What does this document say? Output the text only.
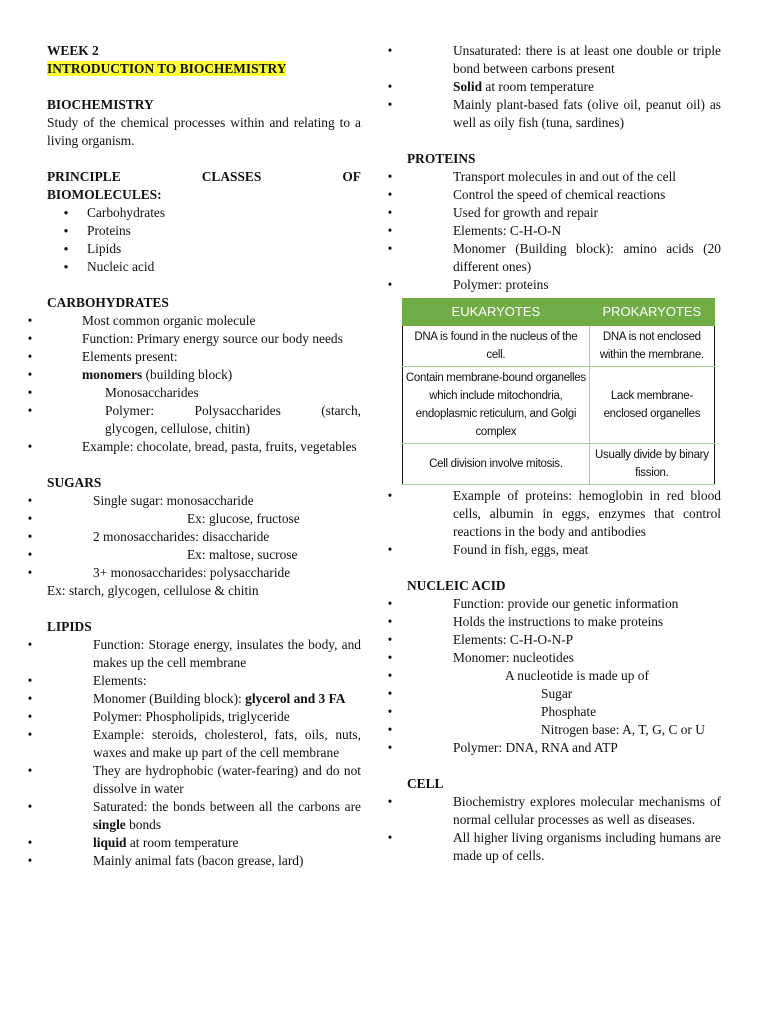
WEEK 2
INTRODUCTION TO BIOCHEMISTRY
BIOCHEMISTRY

Study of the chemical processes within and relating to a living organism.

PRINCIPLE	CLASSES	OF
BIOMOLECULES:
● Carbohydrates
● Proteins
● Lipids
● Nucleic acid
CARBOHYDRATES
• Most common organic molecule
• Function: Primary energy source our body needs
• Elements present:
• monomers (building block)
• Monosaccharides
• Polymer:      Polysaccharides      (starch, glycogen, cellulose, chitin)
• Example: chocolate, bread, pasta, fruits, vegetables
SUGARS
• Single sugar: monosaccharide
• Ex: glucose, fructose
• 2 monosaccharides: disaccharide
• Ex: maltose, sucrose
• 3+ monosaccharides: polysaccharide

Ex: starch, glycogen, cellulose & chitin

LIPIDS
• Function: Storage energy, insulates the body, and makes up the cell membrane
• Elements:
• Monomer (Building block): glycerol and 3 FA
• Polymer: Phospholipids, triglyceride
• Example: steroids, cholesterol, fats, oils, nuts, waxes and make up part of the cell membrane
• They are hydrophobic (water-fearing) and do not dissolve in water
• Saturated: the bonds between all the carbons are single bonds
• liquid at room temperature
• Mainly animal fats (bacon grease, lard)
• Unsaturated: there is at least one double or triple bond between carbons present
• Solid at room temperature
• Mainly plant-based fats (olive oil, peanut oil) as well as oily fish (tuna, sardines)
PROTEINS
• Transport molecules in and out of the cell
• Control the speed of chemical reactions
• Used for growth and repair
• Elements: C-H-O-N
• Monomer (Building block): amino acids (20 different ones)
• Polymer: proteins
EUKARYOTES	PROKARYOTES
DNA is found in the nucleus of the cell.	DNA is not enclosed within the membrane.
Contain membrane-bound organelles which include mitochondria, endoplasmic reticulum, and Golgi complex	Lack membrane-enclosed organelles
Cell division involve mitosis.	Usually divide by binary fission.
• Example of proteins: hemoglobin in red blood cells, albumin in eggs, enzymes that control reactions in the body and antibodies
• Found in fish, eggs, meat
NUCLEIC ACID
• Function: provide our genetic information
• Holds the instructions to make proteins
• Elements: C-H-O-N-P
• Monomer: nucleotides
• A nucleotide is made up of
• Sugar
• Phosphate
• Nitrogen base: A, T, G, C or U
• Polymer: DNA, RNA and ATP
CELL
• Biochemistry explores molecular mechanisms of normal cellular processes as well as diseases.
• All higher living organisms including humans are made up of cells.
